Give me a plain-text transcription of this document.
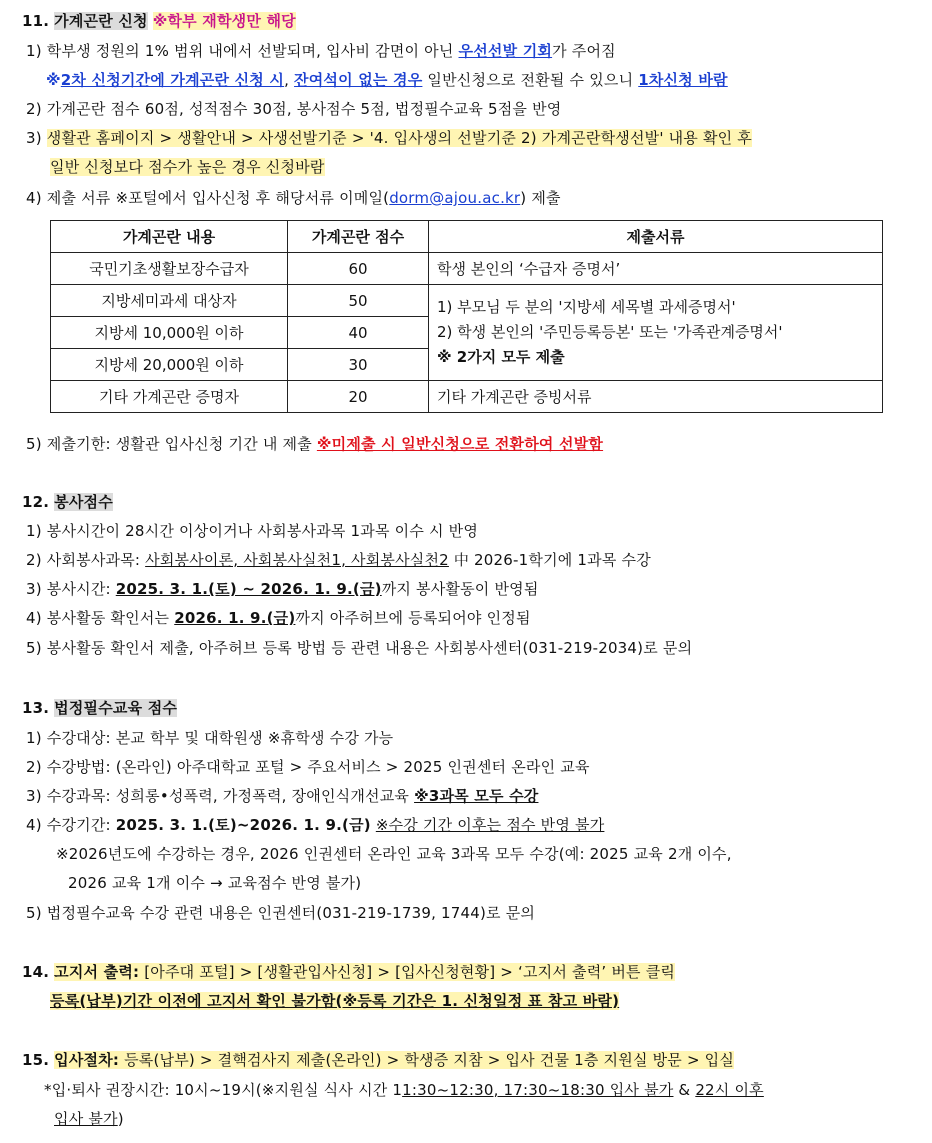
11. 가계곤란 신청 ※학부 재학생만 해당
1) 학부생 정원의 1% 범위 내에서 선발되며, 입사비 감면이 아닌 우선선발 기회가 주어짐
※2차 신청기간에 가계곤란 신청 시, 잔여석이 없는 경우 일반신청으로 전환될 수 있으니 1차신청 바람
2) 가계곤란 점수 60점, 성적점수 30점, 봉사점수 5점, 법정필수교육 5점을 반영
3) 생활관 홈페이지 > 생활안내 > 사생선발기준 > '4. 입사생의 선발기준 2) 가계곤란학생선발' 내용 확인 후
일반 신청보다 점수가 높은 경우 신청바람
4) 제출 서류 ※포털에서 입사신청 후 해당서류 이메일(dorm@ajou.ac.kr) 제출
가계곤란 내용	가계곤란 점수	제출서류
국민기초생활보장수급자	60	학생 본인의 ‘수급자 증명서’
지방세미과세 대상자	50	1) 부모님 두 분의 '지방세 세목별 과세증명서'
2) 학생 본인의 '주민등록등본' 또는 '가족관계증명서'
※ 2가지 모두 제출

지방세 10,000원 이하	40	
지방세 20,000원 이하	30	
기타 가계곤란 증명자	20	기타 가계곤란 증빙서류
5) 제출기한: 생활관 입사신청 기간 내 제출 ※미제출 시 일반신청으로 전환하여 선발함
12. 봉사점수
1) 봉사시간이 28시간 이상이거나 사회봉사과목 1과목 이수 시 반영
2) 사회봉사과목: 사회봉사이론, 사회봉사실천1, 사회봉사실천2 中 2026-1학기에 1과목 수강
3) 봉사시간: 2025. 3. 1.(토) ~ 2026. 1. 9.(금)까지 봉사활동이 반영됨
4) 봉사활동 확인서는 2026. 1. 9.(금)까지 아주허브에 등록되어야 인정됨
5) 봉사활동 확인서 제출, 아주허브 등록 방법 등 관련 내용은 사회봉사센터(031-219-2034)로 문의
13. 법정필수교육 점수
1) 수강대상: 본교 학부 및 대학원생 ※휴학생 수강 가능
2) 수강방법: (온라인) 아주대학교 포털 > 주요서비스 > 2025 인권센터 온라인 교육
3) 수강과목: 성희롱•성폭력, 가정폭력, 장애인식개선교육 ※3과목 모두 수강
4) 수강기간: 2025. 3. 1.(토)~2026. 1. 9.(금) ※수강 기간 이후는 점수 반영 불가
※2026년도에 수강하는 경우, 2026 인권센터 온라인 교육 3과목 모두 수강(예: 2025 교육 2개 이수,
2026 교육 1개 이수 → 교육점수 반영 불가)
5) 법정필수교육 수강 관련 내용은 인권센터(031-219-1739, 1744)로 문의
14. 고지서 출력: [아주대 포털] > [생활관입사신청] > [입사신청현황] > ‘고지서 출력’ 버튼 클릭
등록(납부)기간 이전에 고지서 확인 불가함(※등록 기간은 1. 신청일정 표 참고 바람)
15. 입사절차: 등록(납부) > 결핵검사지 제출(온라인) > 학생증 지참 > 입사 건물 1층 지원실 방문 > 입실
*입·퇴사 권장시간: 10시~19시(※지원실 식사 시간 11:30~12:30, 17:30~18:30 입사 불가 & 22시 이후
입사 불가)
